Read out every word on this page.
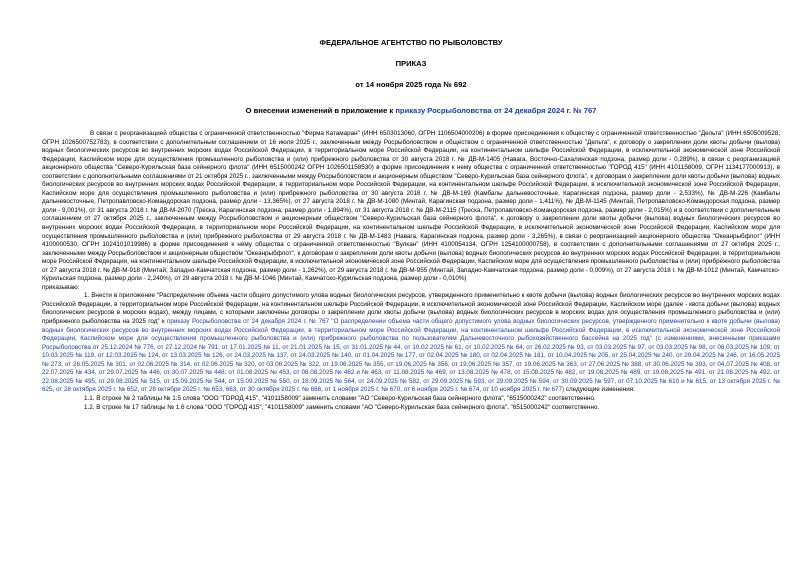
ФЕДЕРАЛЬНОЕ АГЕНТСТВО ПО РЫБОЛОВСТВУ
ПРИКАЗ
от 14 ноября 2025 года № 692
О внесении изменений в приложение к приказу Росрыболовства от 24 декабря 2024 г. № 767

В связи с реорганизацией общества с ограниченной ответственностью "Фирма Катамаран" (ИНН 6503013060, ОГРН 1106504000206) в форме присоединения к обществу с ограниченной ответственностью "Дельта" (ИНН 6505009528, ОГРН 1026500752783), в соответствии с дополнительным соглашением от 16 июля 2025 г., заключенным между Росрыболовством и обществом с ограниченной ответственностью "Дельта", к договору о закреплении доли квоты добычи (вылова) водных биологических ресурсов во внутренних морских водах Российской Федерации, в территориальном море Российской Федерации, на континентальном шельфе Российской Федерации, в исключительной экономической зоне Российской Федерации, Каспийском море для осуществления промышленного рыболовства и (или) прибрежного рыболовства от 30 августа 2018 г. № ДВ-М-1405 (Навага, Восточно-Сахалинская подзона, размер доли - 0,289%), в связи с реорганизацией акционерного общества "Северо-Курильская база сейнерного флота" (ИНН 6515000242 ОГРН 1026501158530) в форме присоединения к нему общества с ограниченной ответственностью "ГОРОД 415" (ИНН 4101158009, ОГРН 1134177000913), в соответствии с дополнительными соглашениями от 21 октября 2025 г., заключенными между Росрыболовством и акционерным обществом "Северо-Курильская база сейнерного флота", к договорам о закреплении доли квоты добычи (вылова) водных биологических ресурсов во внутренних морских водах Российской Федерации, в территориальном море Российской Федерации, на континентальном шельфе Российской Федерации, в исключительной экономической зоне Российской Федерации, Каспийском море для осуществления промышленного рыболовства и (или) прибрежного рыболовства от 30 августа 2018 г. № ДВ-М-169 (Камбалы дальневосточные, Карагинская подзона, размер доли - 2,533%), № ДВ-М-226 (Камбалы дальневосточные, Петропавловско-Командорская подзона, размер доли - 13,365%), от 27 августа 2018 г. № ДВ-М-1080 (Минтай, Карагинская подзона, размер доли - 1,411%), № ДВ-М-1145 (Минтай, Петропавловско-Командорская подзона, размер доли - 9,001%), от 31 августа 2018 г. № ДВ-М-2070 (Треска, Карагинская подзона, размер доли - 1,894%), от 31 августа 2018 г. № ДВ-М-2115 (Треска, Петропавловско-Командорская подзона, размер доли - 2,015%) и в соответствии с дополнительным соглашением от 27 октября 2025 г., заключенным между Росрыболовством и акционерным обществом "Северо-Курильская база сейнерного флота", к договору о закреплении доли квоты добычи (вылова) водных биологических ресурсов во внутренних морских водах Российской Федерации, в территориальном море Российской Федерации, на континентальном шельфе Российской Федерации, в исключительной экономической зоне Российской Федерации, Каспийском море для осуществления промышленного рыболовства и (или) прибрежного рыболовства от 29 августа 2018 г. № ДВ-М-1483 (Навага, Карагинская подзона, размер доли - 3,265%), в связи с реорганизацией акционерного общества "Океанрыбфлот" (ИНН 4100000530, ОГРН 1024101019986) в форме присоединения к нему общества с ограниченной ответственностью "Вулкан" (ИНН 4100054134, ОГРН 1254100000758), в соответствии с дополнительными соглашениями от 27 октября 2025 г., заключенными между Росрыболовством и акционерным обществом "Океанрыбфлот", к договорам о закреплении доли квоты добычи (вылова) водных биологических ресурсов во внутренних морских водах Российской Федерации, в территориальном море Российской Федерации, на континентальном шельфе Российской Федерации, в исключительной экономической зоне Российской Федерации, Каспийском море для осуществления промышленного рыболовства и (или) прибрежного рыболовства от 27 августа 2018 г. № ДВ-М-918 (Минтай, Западно-Камчатская подзона, размер доли - 1,262%), от 29 августа 2018 г. № ДВ-М-955 (Минтай, Западно-Камчатская подзона, размер доли - 0,009%), от 27 августа 2018 г. № ДВ-М-1012 (Минтай, Камчатско-Курильская подзона, размер доли - 2,240%), от 29 августа 2018 г. № ДВ-М-1046 (Минтай, Камчатско-Курильская подзона, размер доли - 0,010%)

приказываю:

1. Внести в приложение "Распределение объема части общего допустимого улова водных биологических ресурсов, утвержденного применительно к квоте добычи (вылова) водных биологических ресурсов во внутренних морских водах Российской Федерации, в территориальном море Российской Федерации, на континентальном шельфе Российской Федерации, в исключительной экономической зоне Российской Федерации, Каспийском море (далее - квота добычи (вылова) водных биологических ресурсов в морских водах), между лицами, с которыми заключены договоры о закреплении доли квоты добычи (вылова) водных биологических ресурсов в морских водах для осуществления промышленного рыболовства и (или) прибрежного рыболовства на 2025 год" к приказу Росрыболовства от 24 декабря 2024 г. № 767 "О распределении объема части общего допустимого улова водных биологических ресурсов, утвержденного применительно к квоте добычи (вылова) водных биологических ресурсов во внутренних морских водах Российской Федерации, в территориальном море Российской Федерации, на континентальном шельфе Российской Федерации, в исключительной экономической зоне Российской Федерации, Каспийском море для осуществления промышленного рыболовства и (или) прибрежного рыболовства по пользователям Дальневосточного рыбохозяйственного бассейна на 2025 год" (с изменениями, внесенными приказами Росрыболовства от 25.12.2024 № 776, от 27.12.2024 № 791, от 17.01.2025 № 11, от 21.01.2025 № 15, от 31.01.2025 № 44, от 10.02.2025 № 61, от 10.02.2025 № 64, от 26.02.2025 № 93, от 03.03.2025 № 97, от 03.03.2025 № 98, от 06.03.2025 № 109, от 10.03.2025 № 119, от 12.03.2025 № 124, от 13.03.2025 № 126, от 24.03.2025 № 137, от 24.03.2025 № 140, от 01.04.2025 № 177, от 02.04.2025 № 180, от 02.04.2025 № 181, от 10.04.2025 № 205, от 25.04.2025 № 240, от 29.04.2025 № 246, от 16.05.2025 № 273, от 26.05.2025 № 301, от 02.06.2025 № 314, от 02.06.2025 № 320, от 03.06.2025 № 322, от 19.06.2025 № 355, от 19.06.2025 № 356, от 19.06.2025 № 357, от 19.06.2025 № 363, от 27.06.2025 № 388, от 30.06.2025 № 393, от 04.07.2025 № 408, от 22.07.2025 № 434, от 29.07.2025 № 446, от 30.07.2025 № 448, от 01.08.2025 № 453, от 08.08.2025 № 462 и № 463, от 11.08.2025 № 469, от 13.08.2025 № 478, от 15.08.2025 № 482, от 19.08.2025 № 489, от 19.08.2025 № 491, от 21.08.2025 № 492, от 22.08.2025 № 495, от 29.08.2025 № 515, от 15.09.2025 № 544, от 15.09.2025 № 550, от 18.09.2025 № 564, от 24.09.2025 № 582, от 29.09.2025 № 593, от 29.09.2025 № 594, от 30.09.2025 № 597, от 07.10.2025 № 610 и № 615, от 13 октября 2025 г. № 625, от 28 октября 2025 г. № 652, от 28 октября 2025 г. № 653, 663, от 30 октября 2025 г. № 666, от 1 ноября 2025 г. № 670, от 6 ноября 2025 г. № 674, от 10 ноября 2025 г. № 677) следующие изменения:

1.1. В строке № 2 таблицы № 1.5 слова "ООО "ГОРОД 415", "4101158009" заменить словами "АО "Северо-Курильская база сейнерного флота", "6515000242" соответственно.

1.2. В строке № 17 таблицы № 1.6 слова "ООО "ГОРОД 415", "4101158009" заменить словами "АО "Северо-Курильская база сейнерного флота", "6515000242" соответственно.
